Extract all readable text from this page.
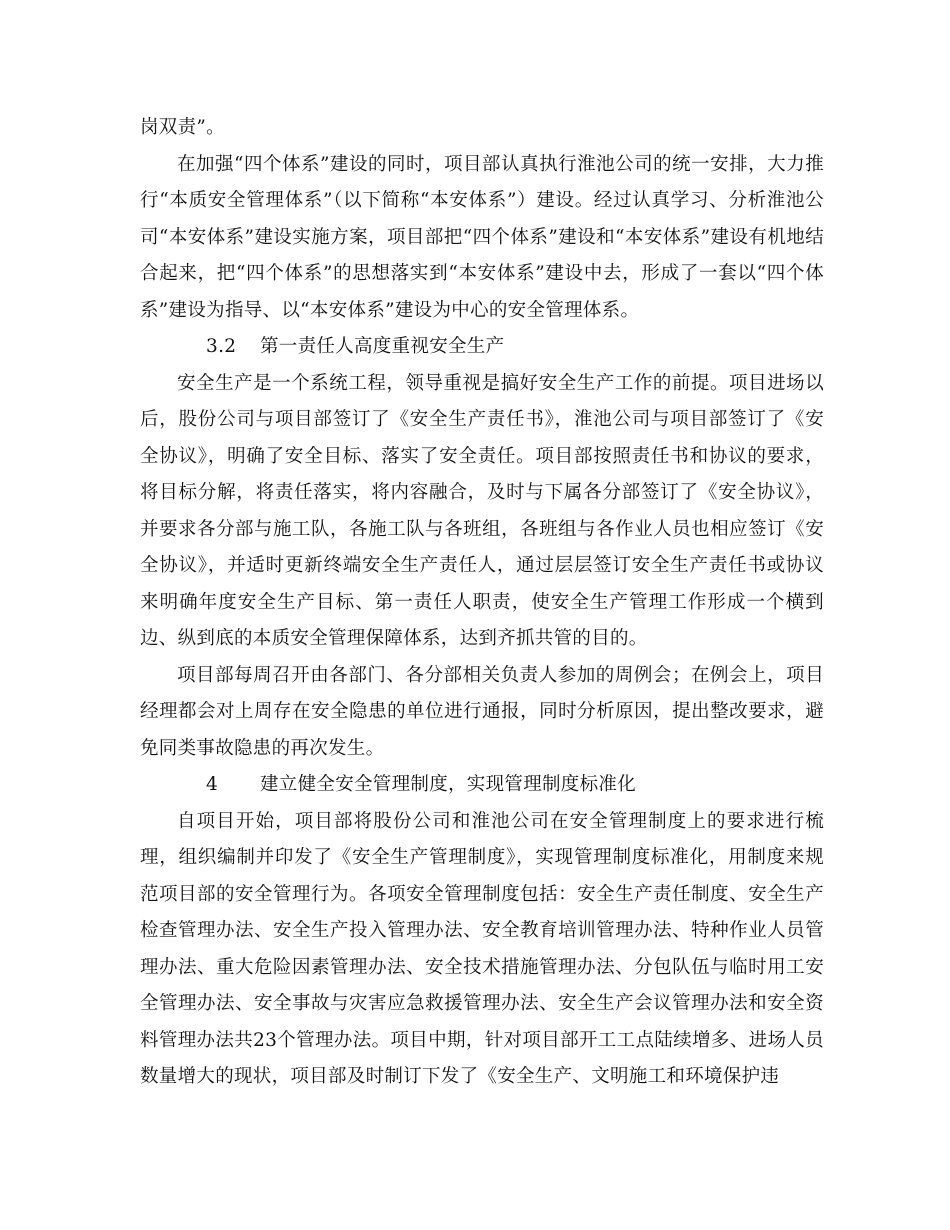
岗双责”。

在加强“四个体系”建设的同时，项目部认真执行淮池公司的统一安排，大力推行“本质安全管理体系”（以下简称“本安体系”）建设。经过认真学习、分析淮池公司“本安体系”建设实施方案，项目部把“四个体系”建设和“本安体系”建设有机地结合起来，把“四个体系”的思想落实到“本安体系”建设中去，形成了一套以“四个体系”建设为指导、以“本安体系”建设为中心的安全管理体系。

3.2 第一责任人高度重视安全生产

安全生产是一个系统工程，领导重视是搞好安全生产工作的前提。项目进场以后，股份公司与项目部签订了《安全生产责任书》，淮池公司与项目部签订了《安全协议》，明确了安全目标、落实了安全责任。项目部按照责任书和协议的要求，将目标分解，将责任落实，将内容融合，及时与下属各分部签订了《安全协议》，并要求各分部与施工队，各施工队与各班组，各班组与各作业人员也相应签订《安全协议》，并适时更新终端安全生产责任人，通过层层签订安全生产责任书或协议来明确年度安全生产目标、第一责任人职责，使安全生产管理工作形成一个横到边、纵到底的本质安全管理保障体系，达到齐抓共管的目的。

项目部每周召开由各部门、各分部相关负责人参加的周例会；在例会上，项目经理都会对上周存在安全隐患的单位进行通报，同时分析原因，提出整改要求，避免同类事故隐患的再次发生。

4 建立健全安全管理制度，实现管理制度标准化

自项目开始，项目部将股份公司和淮池公司在安全管理制度上的要求进行梳理，组织编制并印发了《安全生产管理制度》，实现管理制度标准化，用制度来规范项目部的安全管理行为。各项安全管理制度包括：安全生产责任制度、安全生产检查管理办法、安全生产投入管理办法、安全教育培训管理办法、特种作业人员管理办法、重大危险因素管理办法、安全技术措施管理办法、分包队伍与临时用工安全管理办法、安全事故与灾害应急救援管理办法、安全生产会议管理办法和安全资料管理办法共23个管理办法。项目中期，针对项目部开工工点陆续增多、进场人员数量增大的现状，项目部及时制订下发了《安全生产、文明施工和环境保护违
